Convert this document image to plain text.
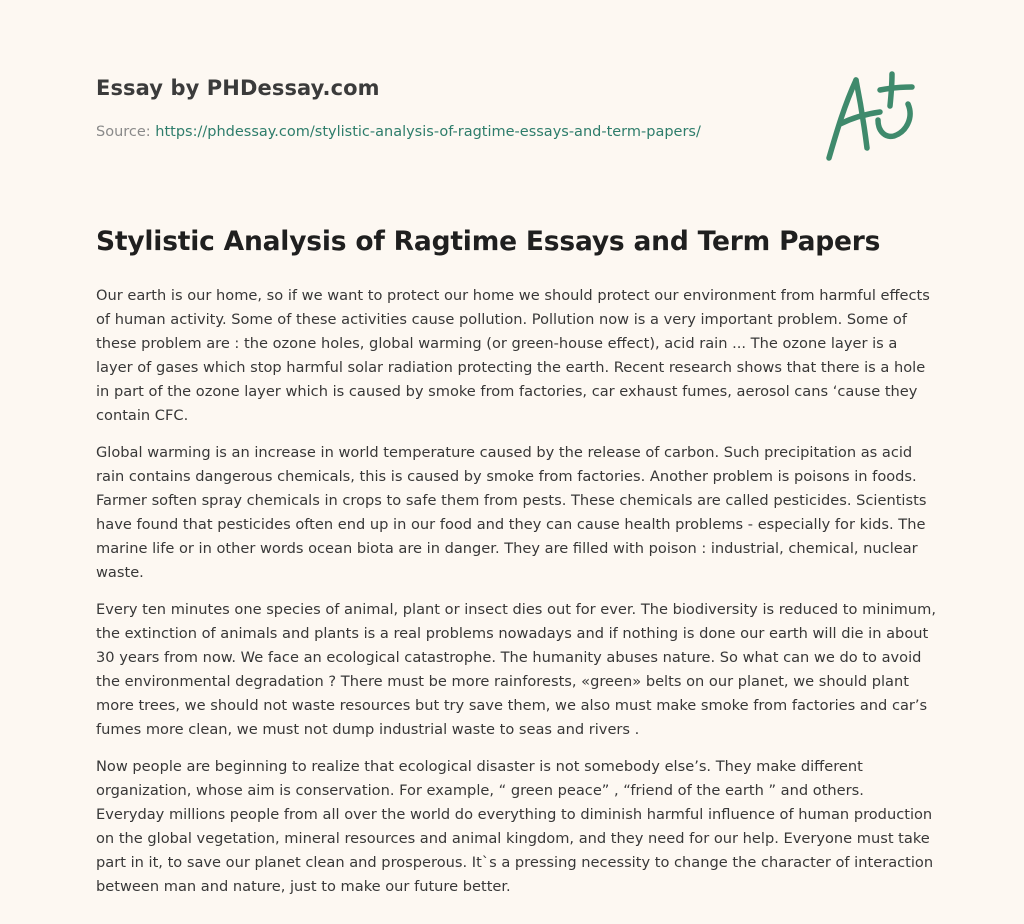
Essay by PHDessay.com
Source: https://phdessay.com/stylistic-analysis-of-ragtime-essays-and-term-papers/
Stylistic Analysis of Ragtime Essays and Term Papers

Our earth is our home, so if we want to protect our home we should protect our environment from harmful effects of human activity. Some of these activities cause pollution. Pollution now is a very important problem. Some of these problem are : the ozone holes, global warming (or green-house effect), acid rain ... The ozone layer is a layer of gases which stop harmful solar radiation protecting the earth. Recent research shows that there is a hole in part of the ozone layer which is caused by smoke from factories, car exhaust fumes, aerosol cans ‘cause they contain CFC.

Global warming is an increase in world temperature caused by the release of carbon. Such precipitation as acid rain contains dangerous chemicals, this is caused by smoke from factories. Another problem is poisons in foods. Farmer soften spray chemicals in crops to safe them from pests. These chemicals are called pesticides. Scientists have found that pesticides often end up in our food and they can cause health problems - especially for kids. The marine life or in other words ocean biota are in danger. They are filled with poison : industrial, chemical, nuclear waste.

Every ten minutes one species of animal, plant or insect dies out for ever. The biodiversity is reduced to minimum, the extinction of animals and plants is a real problems nowadays and if nothing is done our earth will die in about 30 years from now. We face an ecological catastrophe. The humanity abuses nature. So what can we do to avoid the environmental degradation ? There must be more rainforests, «green» belts on our planet, we should plant more trees, we should not waste resources but try save them, we also must make smoke from factories and car’s fumes more clean, we must not dump industrial waste to seas and rivers .

Now people are beginning to realize that ecological disaster is not somebody else’s. They make different organization, whose aim is conservation. For example, “ green peace” , “friend of the earth ” and others. Everyday millions people from all over the world do everything to diminish harmful influence of human production on the global vegetation, mineral resources and animal kingdom, and they need for our help. Everyone must take part in it, to save our planet clean and prosperous. It`s a pressing necessity to change the character of interaction between man and nature, just to make our future better.
